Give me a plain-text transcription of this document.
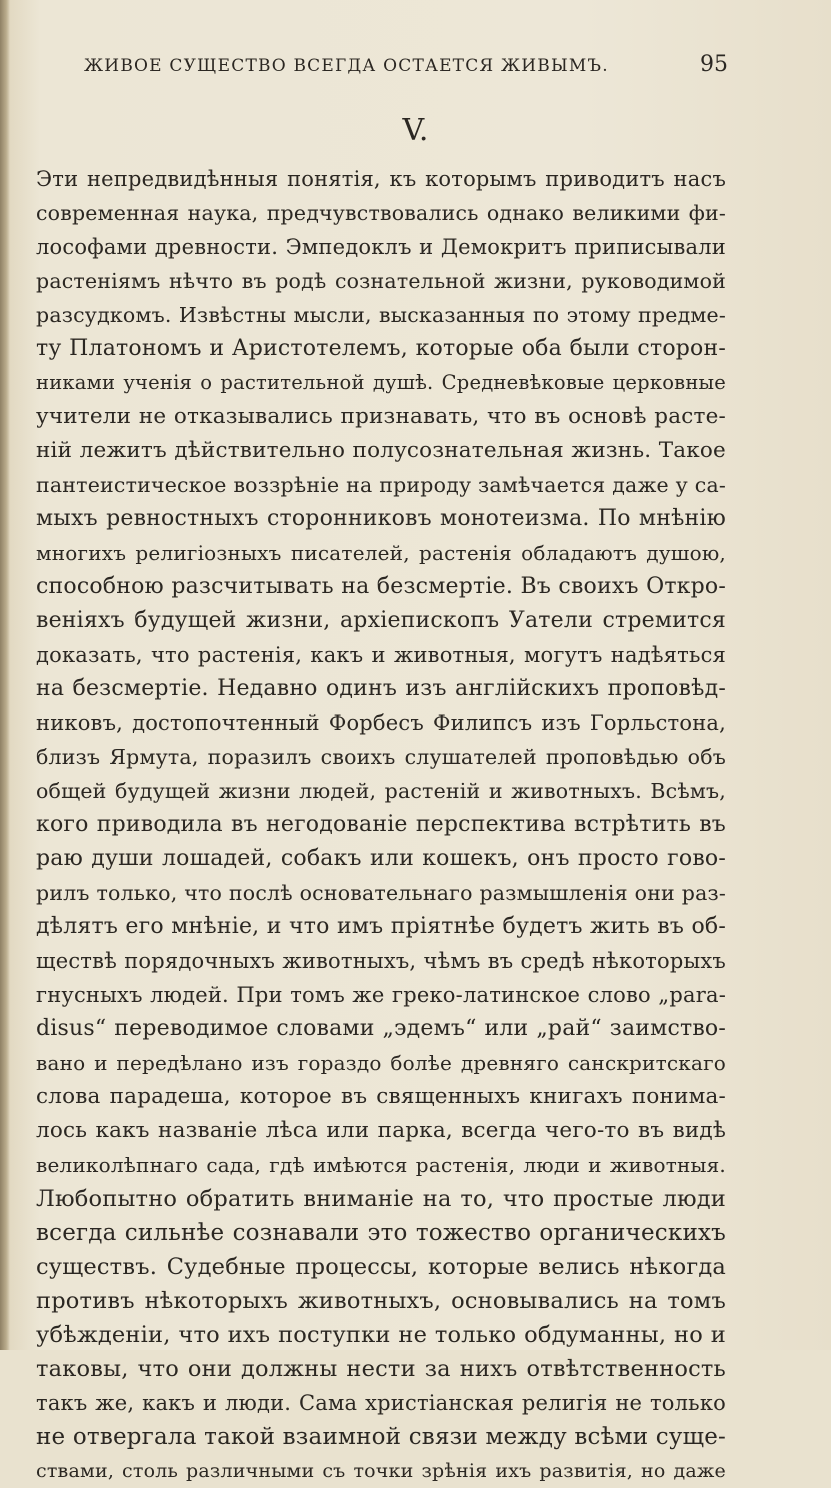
ЖИВОЕ СУЩЕСТВО ВСЕГДА ОСТАЕТСЯ ЖИВЫМЪ.	95
V.
Эти непредвидѣнныя понятія, къ которымъ приводитъ насъ
современная наука, предчувствовались однако великими фи-
лософами древности. Эмпедоклъ и Демокритъ приписывали
растеніямъ нѣчто въ родѣ сознательной жизни, руководимой
разсудкомъ. Извѣстны мысли, высказанныя по этому предме-
ту Платономъ и Аристотелемъ, которые оба были сторон-
никами ученія о растительной душѣ. Средневѣковые церковные
учители не отказывались признавать, что въ основѣ расте-
ній лежитъ дѣйствительно полусознательная жизнь. Такое
пантеистическое воззрѣніе на природу замѣчается даже у са-
мыхъ ревностныхъ сторонниковъ монотеизма. По мнѣнію
многихъ религіозныхъ писателей, растенія обладаютъ душою,
способною разсчитывать на безсмертіе. Въ своихъ Откро-
веніяхъ будущей жизни, архіепископъ Уатели стремится
доказать, что растенія, какъ и животныя, могутъ надѣяться
на безсмертіе. Недавно одинъ изъ англійскихъ проповѣд-
никовъ, достопочтенный Форбесъ Филипсъ изъ Горльстона,
близъ Ярмута, поразилъ своихъ слушателей проповѣдью объ
общей будущей жизни людей, растеній и животныхъ. Всѣмъ,
кого приводила въ негодованіе перспектива встрѣтить въ
раю души лошадей, собакъ или кошекъ, онъ просто гово-
рилъ только, что послѣ основательнаго размышленія они раз-
дѣлятъ его мнѣніе, и что имъ пріятнѣе будетъ жить въ об-
ществѣ порядочныхъ животныхъ, чѣмъ въ средѣ нѣкоторыхъ
гнусныхъ людей. При томъ же греко-латинское слово „para-
disus“ переводимое словами „эдемъ“ или „рай“ заимство-
вано и передѣлано изъ гораздо болѣе древняго санскритскаго
слова парадеша, которое въ священныхъ книгахъ понима-
лось какъ названіе лѣса или парка, всегда чего-то въ видѣ
великолѣпнаго сада, гдѣ имѣются растенія, люди и животныя.
Любопытно обратить вниманіе на то, что простые люди
всегда сильнѣе сознавали это тожество органическихъ
существъ. Судебные процессы, которые велись нѣкогда
противъ нѣкоторыхъ животныхъ, основывались на томъ
убѣжденіи, что ихъ поступки не только обдуманны, но и
таковы, что они должны нести за нихъ отвѣтственность
такъ же, какъ и люди. Сама христіанская религія не только
не отвергала такой взаимной связи между всѣми суще-
ствами, столь различными съ точки зрѣнія ихъ развитія, но даже
